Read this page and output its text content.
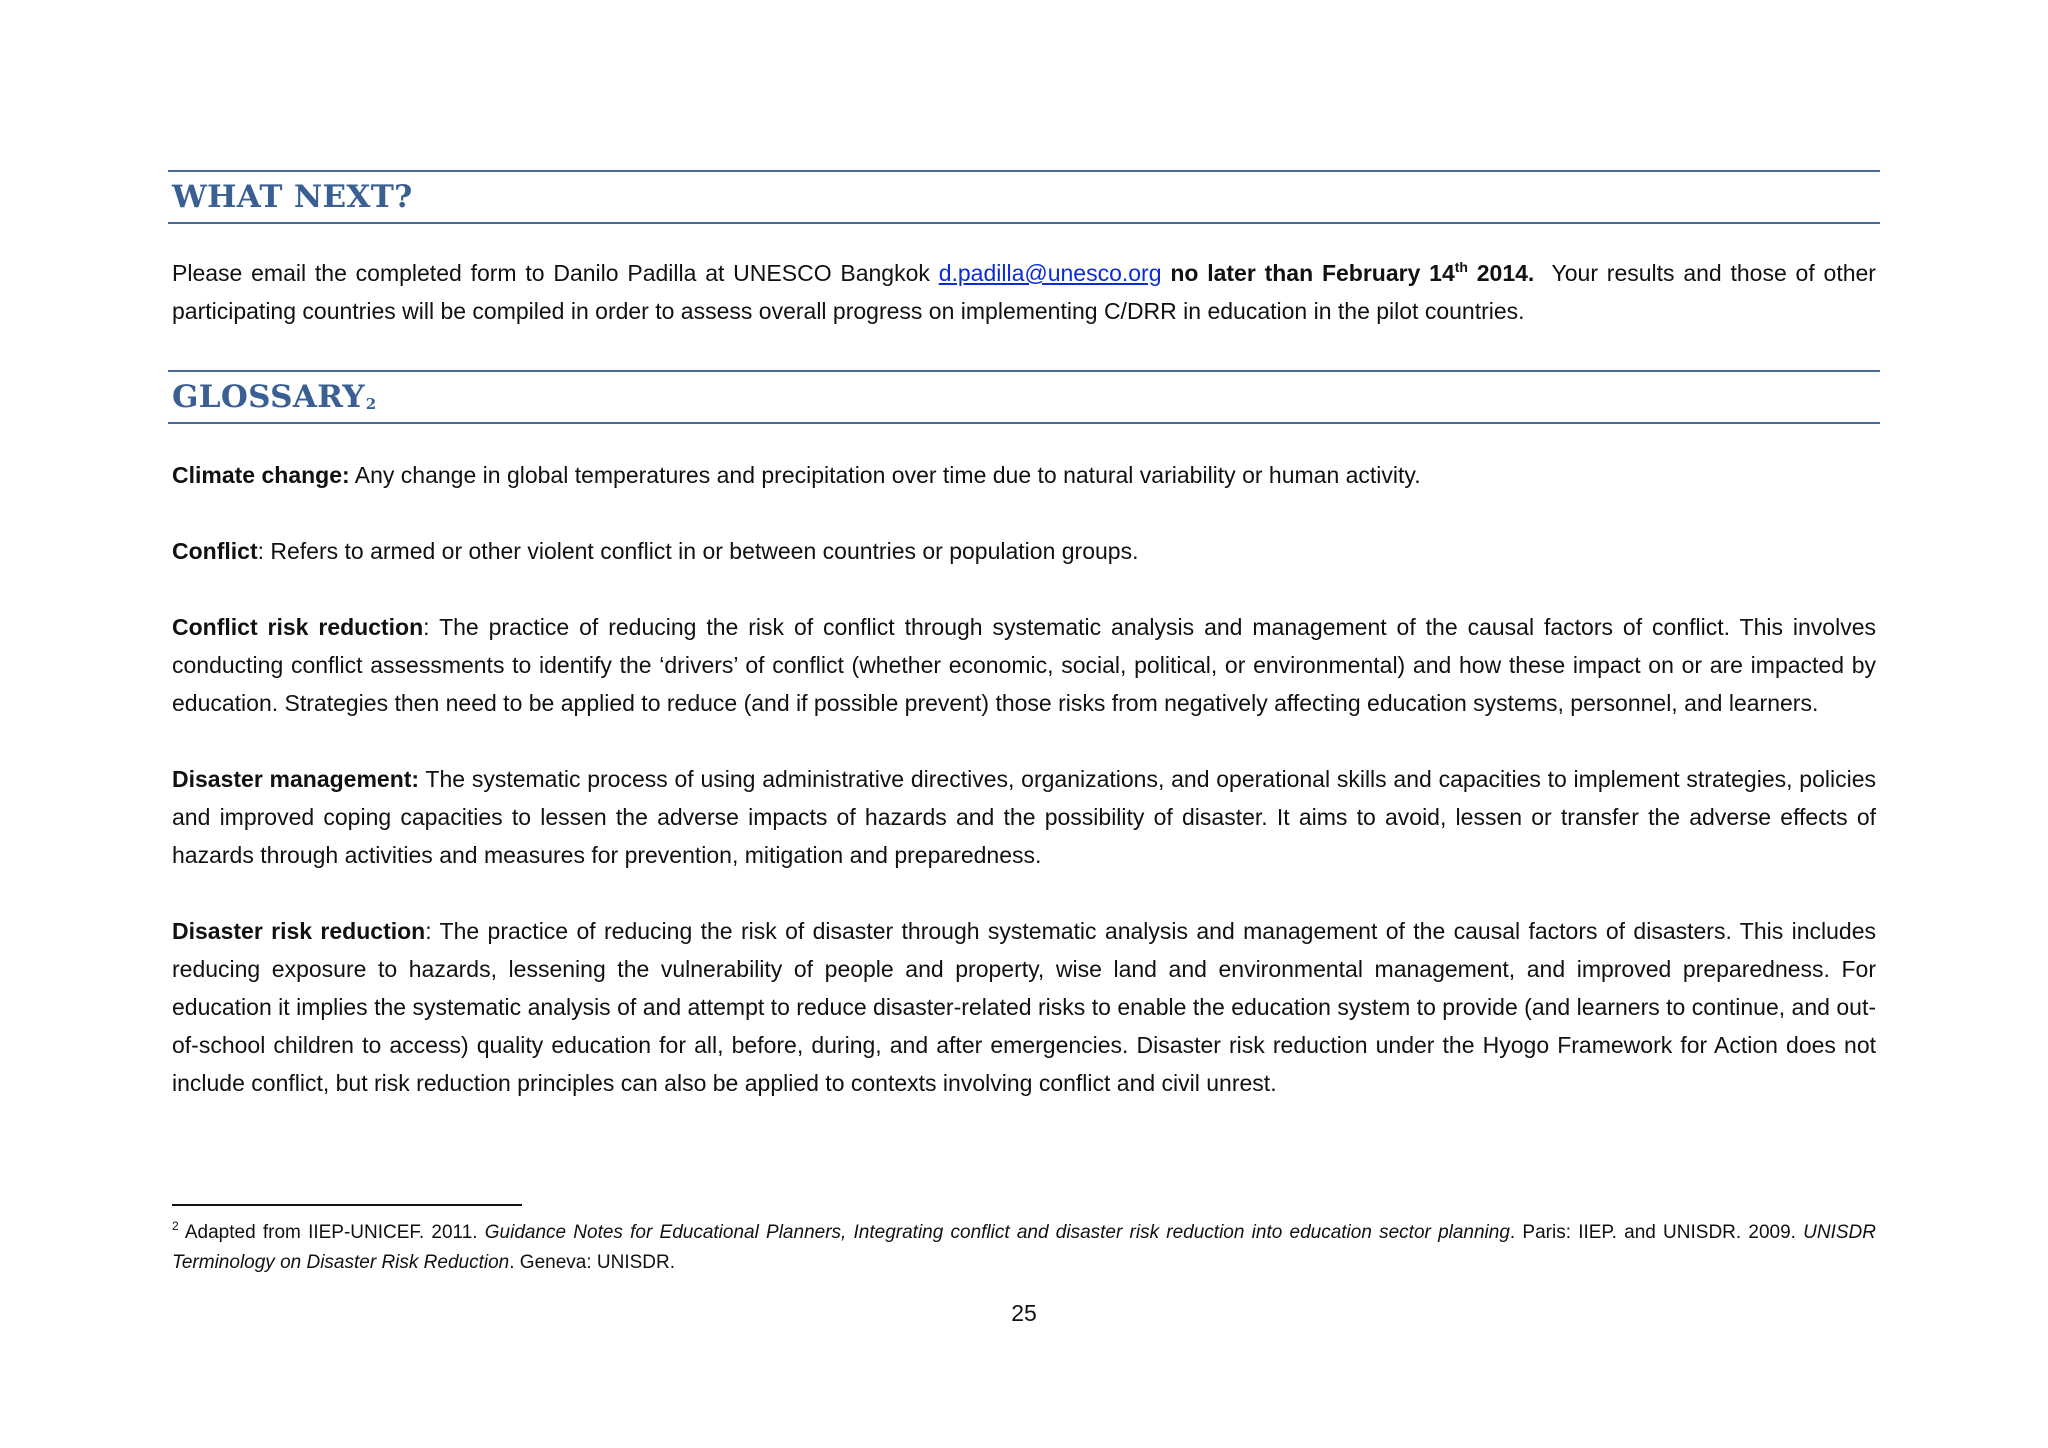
WHAT NEXT?

Please email the completed form to Danilo Padilla at UNESCO Bangkok d.padilla@unesco.org no later than February 14th 2014.  Your results and those of other participating countries will be compiled in order to assess overall progress on implementing C/DRR in education in the pilot countries.

GLOSSARY$^2$

Climate change: Any change in global temperatures and precipitation over time due to natural variability or human activity.

Conflict: Refers to armed or other violent conflict in or between countries or population groups.

Conflict risk reduction: The practice of reducing the risk of conflict through systematic analysis and management of the causal factors of conflict. This involves conducting conflict assessments to identify the ‘drivers’ of conflict (whether economic, social, political, or environmental) and how these impact on or are impacted by education. Strategies then need to be applied to reduce (and if possible prevent) those risks from negatively affecting education systems, personnel, and learners.

Disaster management: The systematic process of using administrative directives, organizations, and operational skills and capacities to implement strategies, policies and improved coping capacities to lessen the adverse impacts of hazards and the possibility of disaster. It aims to avoid, lessen or transfer the adverse effects of hazards through activities and measures for prevention, mitigation and preparedness.

Disaster risk reduction: The practice of reducing the risk of disaster through systematic analysis and management of the causal factors of disasters. This includes reducing exposure to hazards, lessening the vulnerability of people and property, wise land and environmental management, and improved preparedness. For education it implies the systematic analysis of and attempt to reduce disaster-related risks to enable the education system to provide (and learners to continue, and out-of-school children to access) quality education for all, before, during, and after emergencies. Disaster risk reduction under the Hyogo Framework for Action does not include conflict, but risk reduction principles can also be applied to contexts involving conflict and civil unrest.

$^2$ Adapted from IIEP-UNICEF. 2011. Guidance Notes for Educational Planners, Integrating conflict and disaster risk reduction into education sector planning. Paris: IIEP. and UNISDR. 2009. UNISDR Terminology on Disaster Risk Reduction. Geneva: UNISDR.
25
